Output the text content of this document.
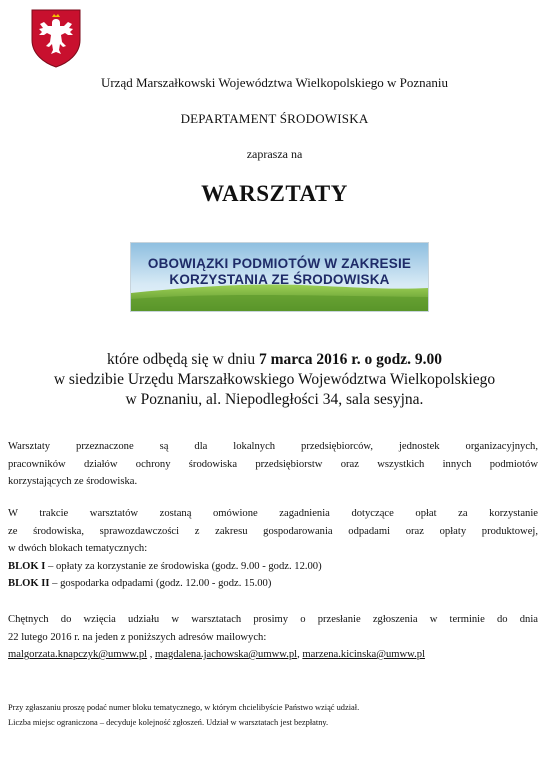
Urząd Marszałkowski Województwa Wielkopolskiego w Poznaniu
DEPARTAMENT ŚRODOWISKA
zaprasza na
WARSZTATY
OBOWIĄZKI PODMIOTÓW W ZAKRESIE
KORZYSTANIA ZE ŚRODOWISKA
które odbędą się w dniu 7 marca 2016 r. o godz. 9.00
w siedzibie Urzędu Marszałkowskiego Województwa Wielkopolskiego
w Poznaniu, al. Niepodległości 34, sala sesyjna.
Warsztaty przeznaczone są dla lokalnych przedsiębiorców, jednostek organizacyjnych,
pracowników działów ochrony środowiska przedsiębiorstw oraz wszystkich innych podmiotów
korzystających ze środowiska.
W trakcie warsztatów zostaną omówione zagadnienia dotyczące opłat za korzystanie
ze środowiska, sprawozdawczości z zakresu gospodarowania odpadami oraz opłaty produktowej,
w dwóch blokach tematycznych:
BLOK I – opłaty za korzystanie ze środowiska (godz. 9.00 - godz. 12.00)
BLOK II – gospodarka odpadami (godz. 12.00 - godz. 15.00)
Chętnych do wzięcia udziału w warsztatach prosimy o przesłanie zgłoszenia w terminie do dnia
22 lutego 2016 r. na jeden z poniższych adresów mailowych:
malgorzata.knapczyk@umww.pl , magdalena.jachowska@umww.pl, marzena.kicinska@umww.pl
Przy zgłaszaniu proszę podać numer bloku tematycznego, w którym chcielibyście Państwo wziąć udział.
Liczba miejsc ograniczona – decyduje kolejność zgłoszeń. Udział w warsztatach jest bezpłatny.
